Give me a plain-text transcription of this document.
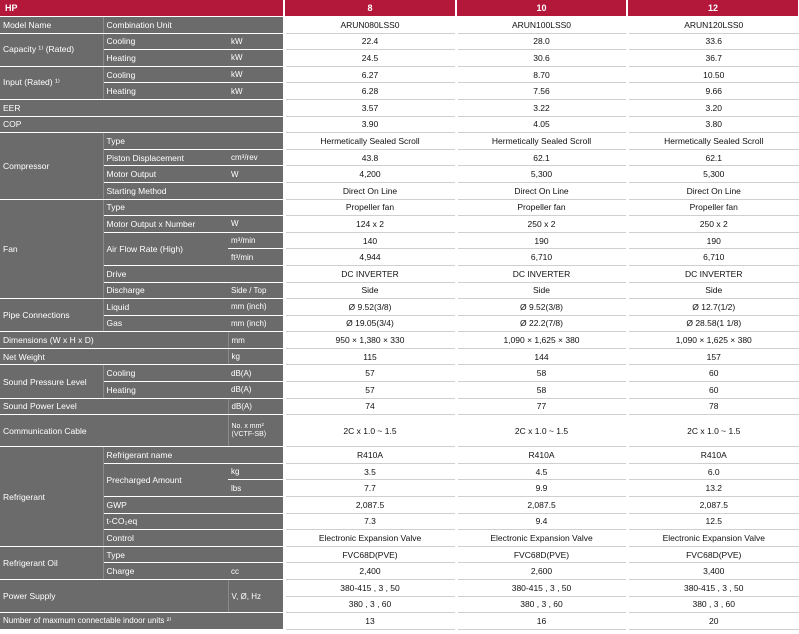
HP			8	10	12
Model Name	Combination Unit		ARUN080LSS0	ARUN100LSS0	ARUN120LSS0
Capacity ¹⁾ (Rated)	Cooling	kW	22.4	28.0	33.6
	Heating	kW	24.5	30.6	36.7
Input (Rated) ¹⁾	Cooling	kW	6.27	8.70	10.50
	Heating	kW	6.28	7.56	9.66
EER			3.57	3.22	3.20
COP			3.90	4.05	3.80
Compressor	Type		Hermetically Sealed Scroll	Hermetically Sealed Scroll	Hermetically Sealed Scroll
	Piston Displacement	cm³/rev	43.8	62.1	62.1
	Motor Output	W	4,200	5,300	5,300
	Starting Method		Direct On Line	Direct On Line	Direct On Line
Fan	Type		Propeller fan	Propeller fan	Propeller fan
	Motor Output x Number	W	124 x 2	250 x 2	250 x 2
	Air Flow Rate (High)	m³/min	140	190	190
		ft³/min	4,944	6,710	6,710
	Drive		DC INVERTER	DC INVERTER	DC INVERTER
	Discharge	Side / Top	Side	Side	Side
Pipe Connections	Liquid	mm (inch)	Ø 9.52(3/8)	Ø 9.52(3/8)	Ø 12.7(1/2)
	Gas	mm (inch)	Ø 19.05(3/4)	Ø 22.2(7/8)	Ø 28.58(1 1/8)
Dimensions (W x H x D)		mm	950 × 1,380 × 330	1,090 × 1,625 × 380	1,090 × 1,625 × 380
Net Weight		kg	115	144	157
Sound Pressure Level	Cooling	dB(A)	57	58	60
	Heating	dB(A)	57	58	60
Sound Power Level		dB(A)	74	77	78
Communication Cable		No. x mm² (VCTF-SB)	2C x 1.0 ~ 1.5	2C x 1.0 ~ 1.5	2C x 1.0 ~ 1.5
Refrigerant	Refrigerant name		R410A	R410A	R410A
	Precharged Amount	kg	3.5	4.5	6.0
		lbs	7.7	9.9	13.2
	GWP		2,087.5	2,087.5	2,087.5
	t-CO₂eq		7.3	9.4	12.5
	Control		Electronic Expansion Valve	Electronic Expansion Valve	Electronic Expansion Valve
Refrigerant Oil	Type		FVC68D(PVE)	FVC68D(PVE)	FVC68D(PVE)
	Charge	cc	2,400	2,600	3,400
Power Supply		V, Ø, Hz	380-415 , 3 , 50	380-415 , 3 , 50	380-415 , 3 , 50
			380 , 3 , 60	380 , 3 , 60	380 , 3 , 60
Number of maxmum connectable indoor units ²⁾			13	16	20
